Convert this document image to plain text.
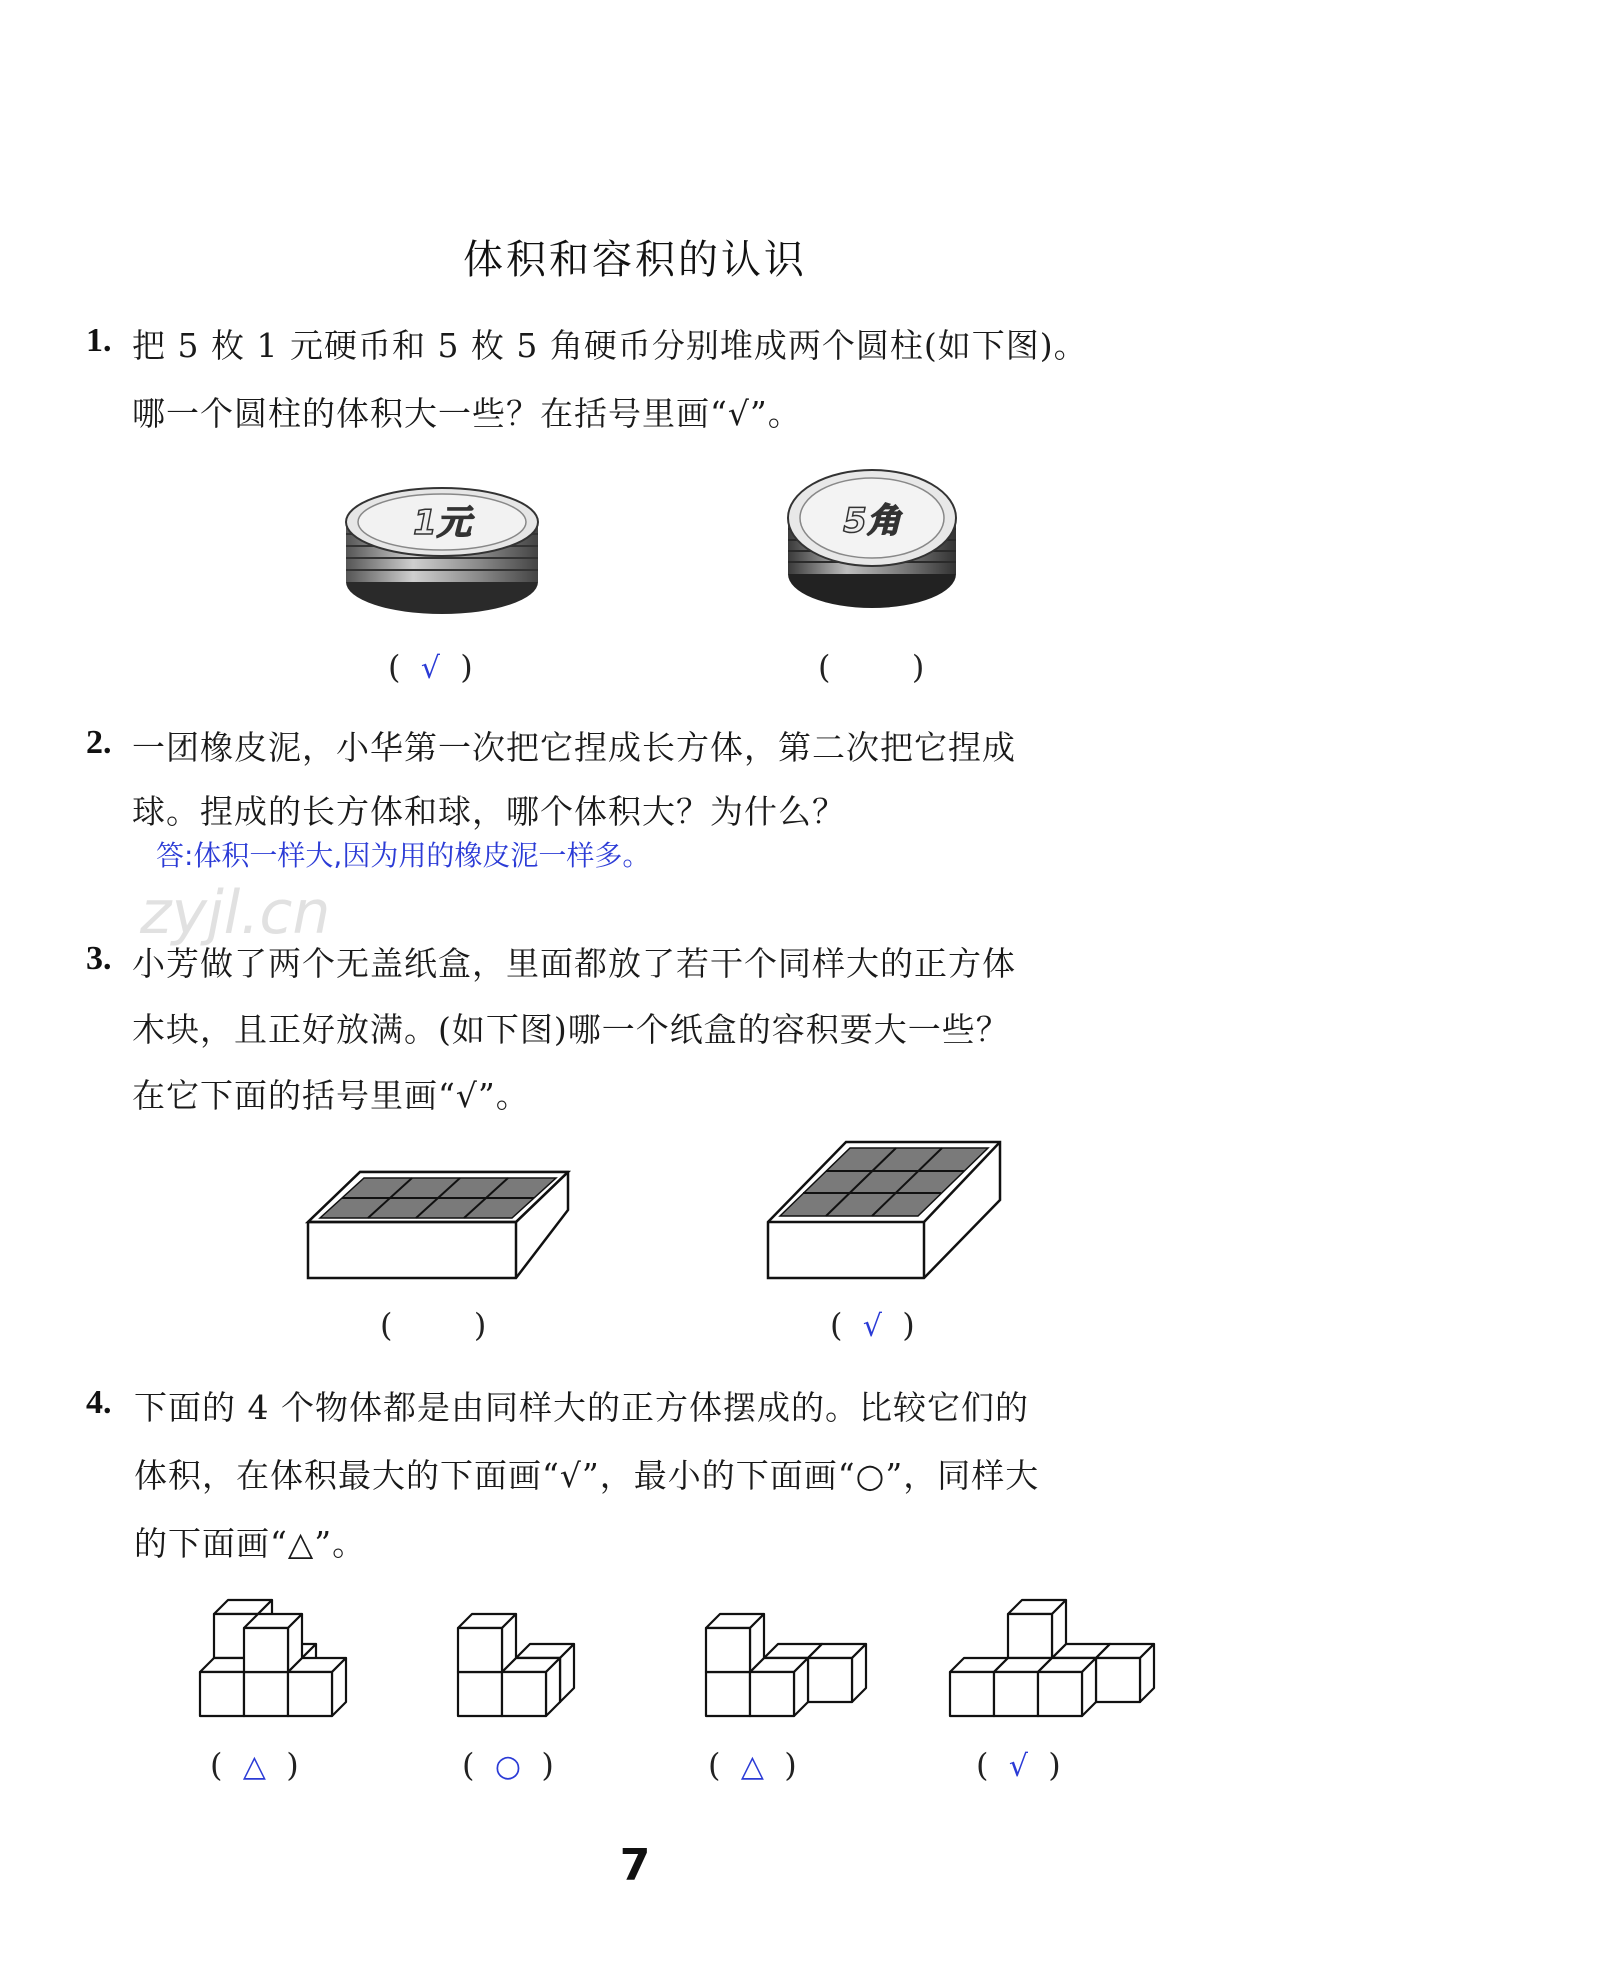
体积和容积的认识
1. 把 5 枚 1 元硬币和 5 枚 5 角硬币分别堆成两个圆柱(如下图)。
哪一个圆柱的体积大一些？在括号里画“√”。
1元	5角
(  √  )	(        )
2. 一团橡皮泥，小华第一次把它捏成长方体，第二次把它捏成
球。捏成的长方体和球，哪个体积大？为什么？
答:体积一样大,因为用的橡皮泥一样多。
zyjl.cn
3. 小芳做了两个无盖纸盒，里面都放了若干个同样大的正方体
木块，且正好放满。(如下图)哪一个纸盒的容积要大一些？
在它下面的括号里画“√”。
(        )	(  √  )
4. 下面的 4 个物体都是由同样大的正方体摆成的。比较它们的
体积，在体积最大的下面画“√”，最小的下面画“○”，同样大
的下面画“△”。
(  △  )	(  ○  )	(  △  )	(  √  )
7
